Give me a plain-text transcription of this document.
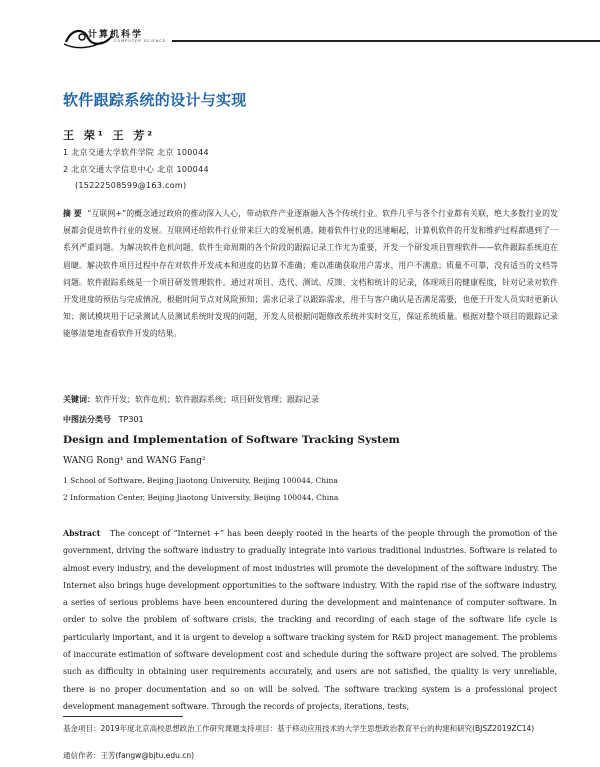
计算机科学
COMPUTER SCIENCE
软件跟踪系统的设计与实现
王 荣¹ 王 芳²
1 北京交通大学软件学院 北京 100044
2 北京交通大学信息中心 北京 100044
(15222508599@163.com)
摘 要 “互联网+”的概念通过政府的推动深入人心，带动软件产业逐渐融入各个传统行业。软件几乎与各个行业都有关联，绝大多数行业的发展都会促进软件行业的发展。互联网还给软件行业带来巨大的发展机遇。随着软件行业的迅速崛起，计算机软件的开发和维护过程都遇到了一系列严重问题。为解决软件危机问题，软件生命周期的各个阶段的跟踪记录工作尤为重要，开发一个研发项目管理软件——软件跟踪系统迫在眉睫。解决软件项目过程中存在对软件开发成本和进度的估算不准确；难以准确获取用户需求、用户不满意；质量不可靠，没有适当的文档等问题。软件跟踪系统是一个项目研发管理软件。通过对项目、迭代、测试、反馈、文档和统计的记录，体现项目的健康程度，针对记录对软件开发进度的预估与完成情况，根据时间节点对风险预知；需求记录了以跟踪需求，用于与客户确认是否满足需要，也便于开发人员实时更新认知；测试模块用于记录测试人员测试系统时发现的问题，开发人员根据问题修改系统并实时交互，保证系统质量。根据对整个项目的跟踪记录能够清楚地查看软件开发的结果。
关键词：软件开发；软件危机；软件跟踪系统；项目研发管理；跟踪记录
中图法分类号 TP301
Design and Implementation of Software Tracking System
WANG Rong¹ and WANG Fang²
1 School of Software, Beijing Jiaotong University, Beijing 100044, China
2 Information Center, Beijing Jiaotong University, Beijing 100044, China
Abstract The concept of “Internet +” has been deeply rooted in the hearts of the people through the promotion of the government, driving the software industry to gradually integrate into various traditional industries. Software is related to almost every industry, and the development of most industries will promote the development of the software industry. The Internet also brings huge development opportunities to the software industry. With the rapid rise of the software industry, a series of serious problems have been encountered during the development and maintenance of computer software. In order to solve the problem of software crisis, the tracking and recording of each stage of the software life cycle is particularly important, and it is urgent to develop a software tracking system for R&D project management. The problems of inaccurate estimation of software development cost and schedule during the software project are solved. The problems such as difficulty in obtaining user requirements accurately, and users are not satisfied, the quality is very unreliable, there is no proper documentation and so on will be solved. The software tracking system is a professional project development management software. Through the records of projects, iterations, tests,
基金项目：2019年度北京高校思想政治工作研究课题支持项目：基于移动应用技术的大学生思想政治教育平台的构建和研究(BJSZ2019ZC14)
通信作者：王芳(fangw@bjtu.edu.cn)
